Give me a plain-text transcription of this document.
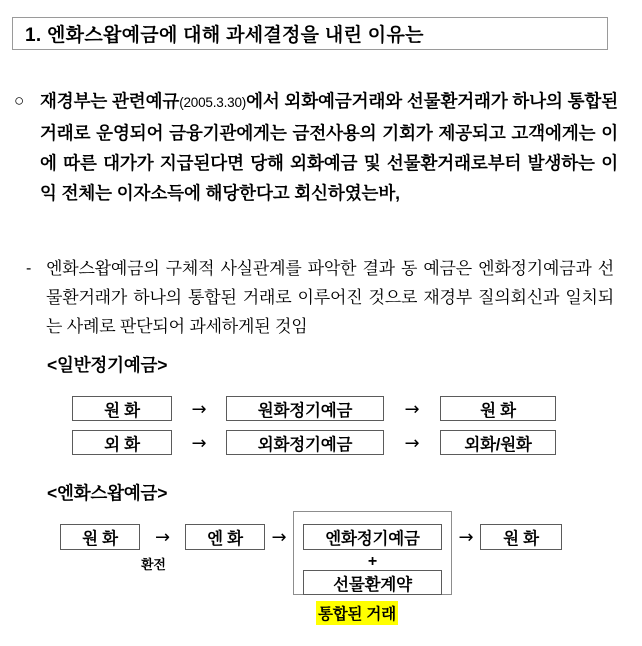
1. 엔화스왑예금에 대해 과세결정을 내린 이유는
○ 재경부는 관련예규(2005.3.30)에서 외화예금거래와 선물환거래가 하나의 통합된 거래로 운영되어 금융기관에게는 금전사용의 기회가 제공되고 고객에게는 이에 따른 대가가 지급된다면 당해 외화예금 및 선물환거래로부터 발생하는 이익 전체는 이자소득에 해당한다고 회신하였는바,
- 엔화스왑예금의 구체적 사실관계를 파악한 결과 동 예금은 엔화정기예금과 선물환거래가 하나의 통합된 거래로 이루어진 것으로 재경부 질의회신과 일치되는 사례로 판단되어 과세하게된 것임
<일반정기예금>
원 화	→	원화정기예금	→	원 화
외 화	→	외화정기예금	→	외화/원화
<엔화스왑예금>
원 화	→
환전
엔 화	→	엔화정기예금
+
선물환계약
통합된 거래
→	원 화
